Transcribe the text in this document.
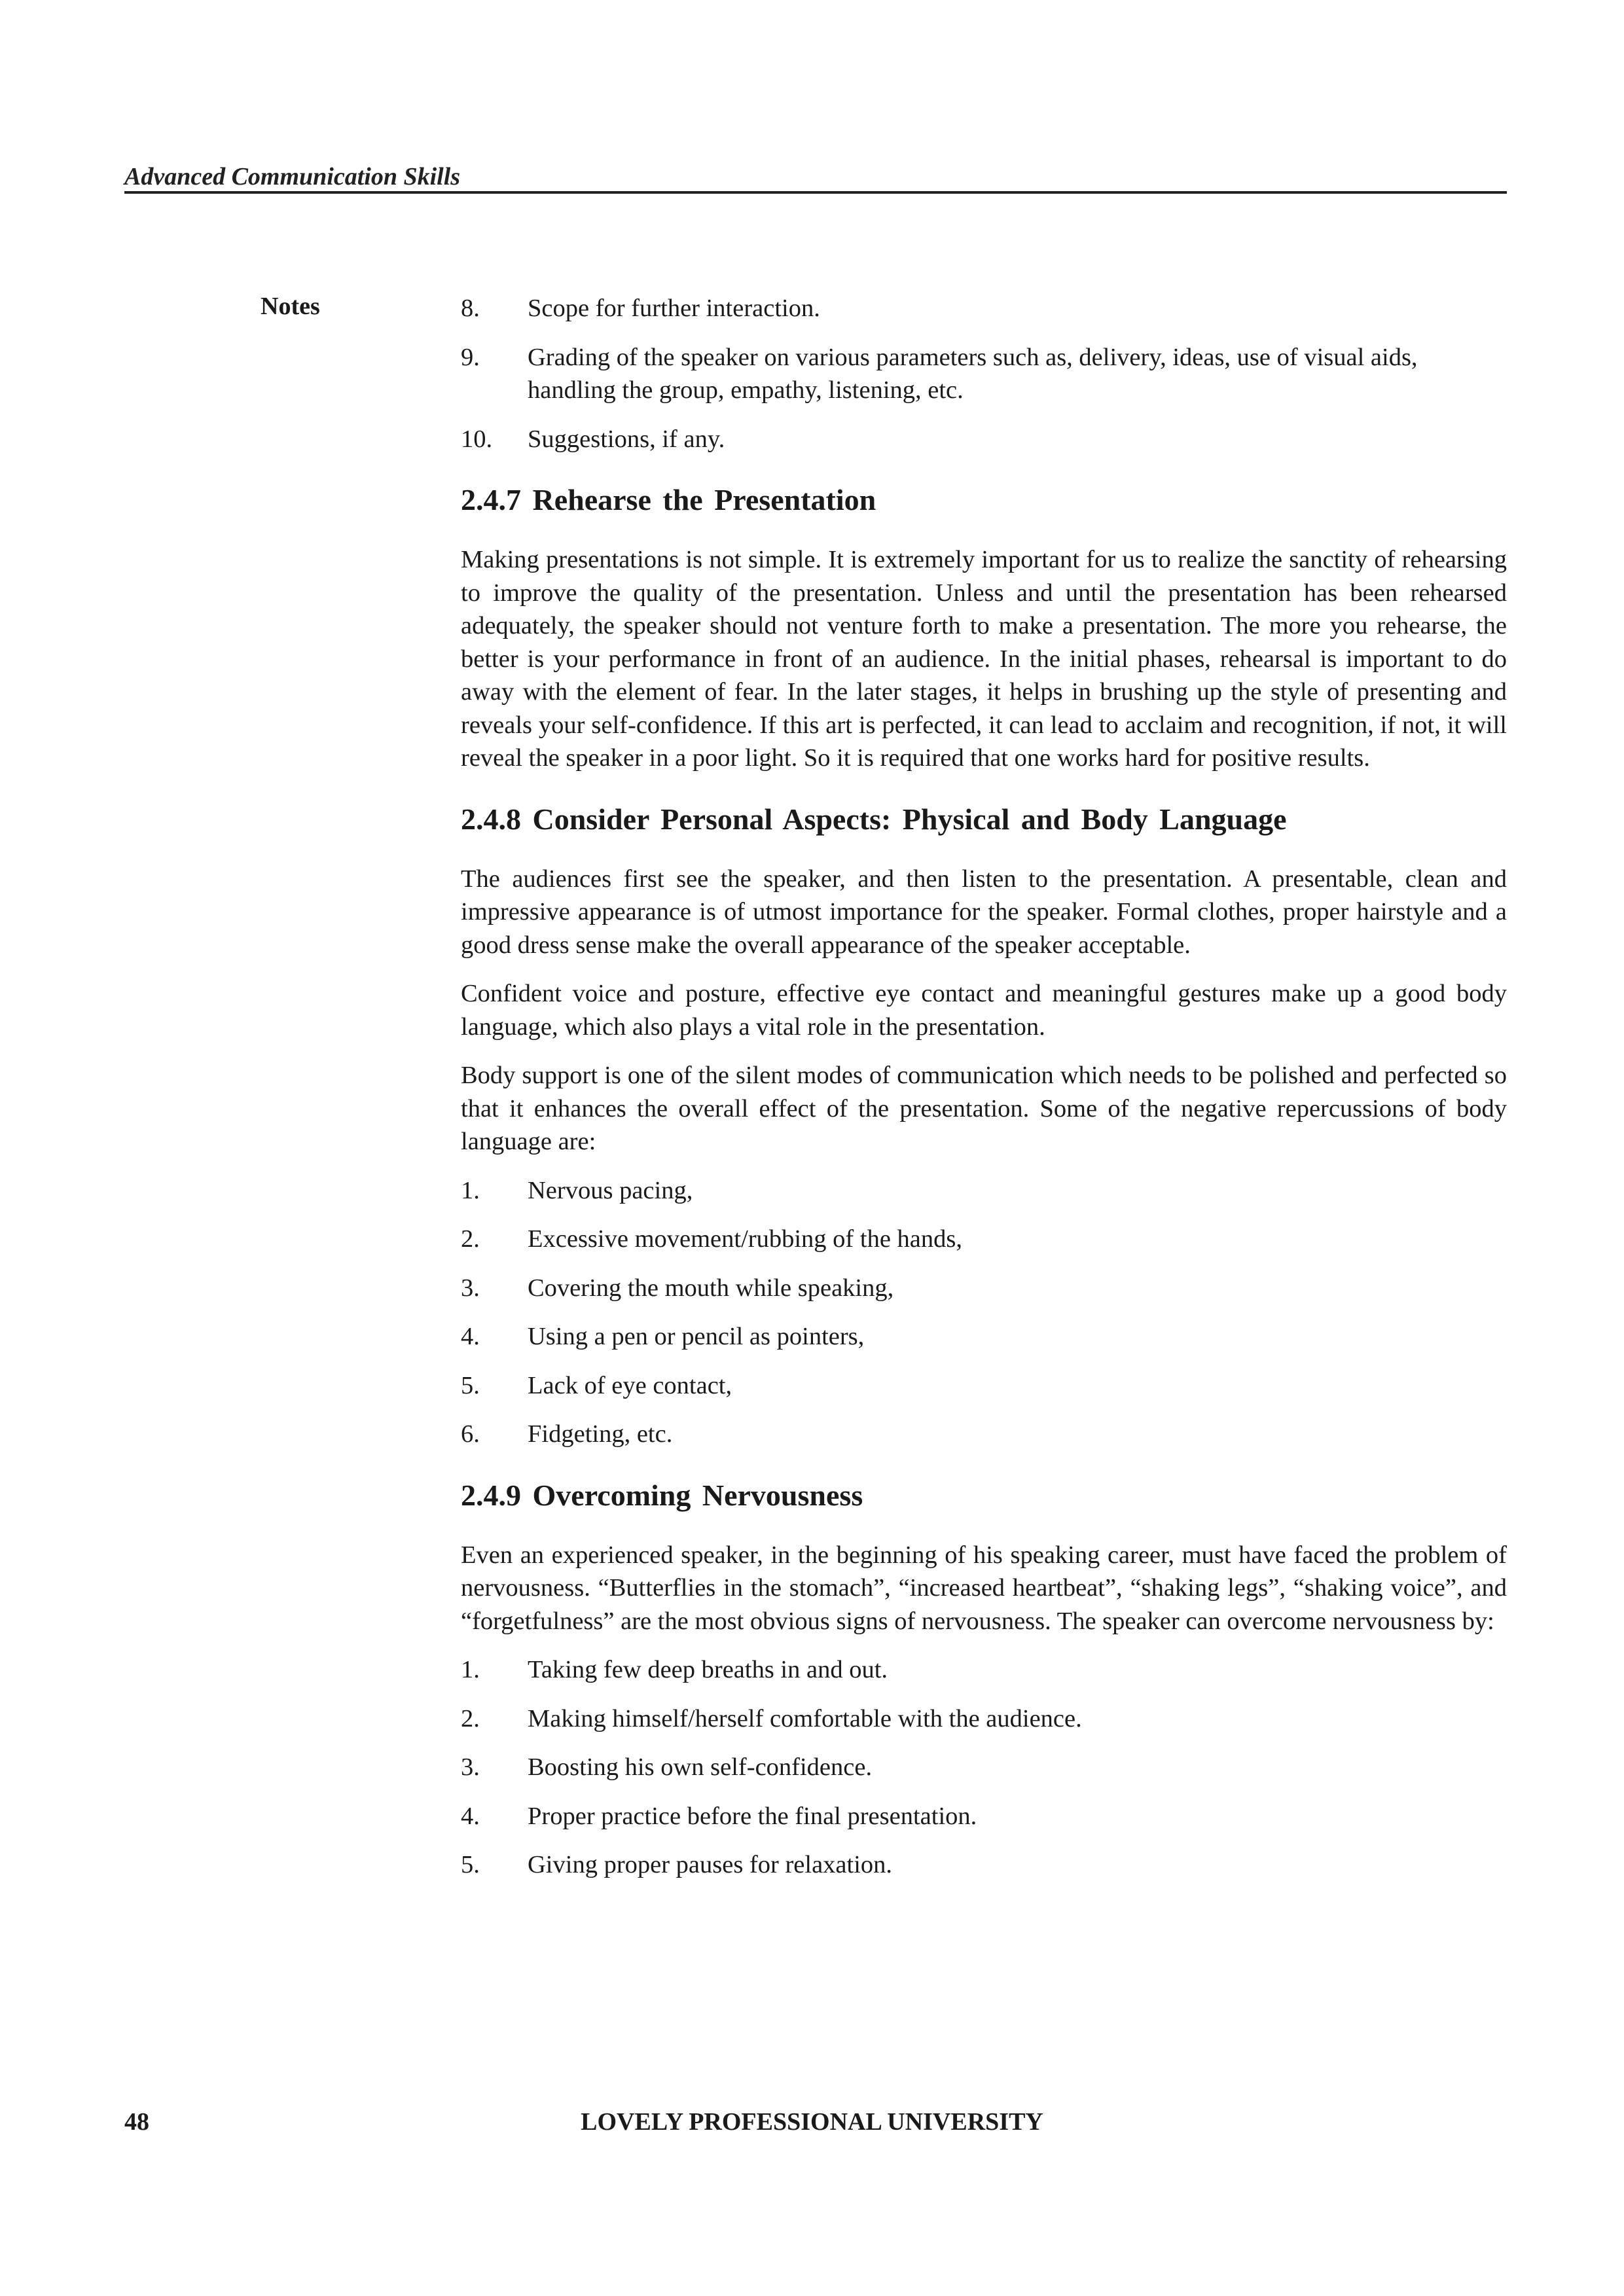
Advanced Communication Skills
Notes	8. Scope for further interaction.
9. Grading of the speaker on various parameters such as, delivery, ideas, use of visual aids, handling the group, empathy, listening, etc.
10. Suggestions, if any.
2.4.7 Rehearse the Presentation

Making presentations is not simple. It is extremely important for us to realize the sanctity of rehearsing to improve the quality of the presentation. Unless and until the presentation has been rehearsed adequately, the speaker should not venture forth to make a presentation. The more you rehearse, the better is your performance in front of an audience. In the initial phases, rehearsal is important to do away with the element of fear. In the later stages, it helps in brushing up the style of presenting and reveals your self-confidence. If this art is perfected, it can lead to acclaim and recognition, if not, it will reveal the speaker in a poor light. So it is required that one works hard for positive results.

2.4.8 Consider Personal Aspects: Physical and Body Language

The audiences first see the speaker, and then listen to the presentation. A presentable, clean and impressive appearance is of utmost importance for the speaker. Formal clothes, proper hairstyle and a good dress sense make the overall appearance of the speaker acceptable.

Confident voice and posture, effective eye contact and meaningful gestures make up a good body language, which also plays a vital role in the presentation.

Body support is one of the silent modes of communication which needs to be polished and perfected so that it enhances the overall effect of the presentation. Some of the negative repercussions of body language are:

1. Nervous pacing,
2. Excessive movement/rubbing of the hands,
3. Covering the mouth while speaking,
4. Using a pen or pencil as pointers,
5. Lack of eye contact,
6. Fidgeting, etc.
2.4.9 Overcoming Nervousness

Even an experienced speaker, in the beginning of his speaking career, must have faced the problem of nervousness. “Butterflies in the stomach”, “increased heartbeat”, “shaking legs”, “shaking voice”, and “forgetfulness” are the most obvious signs of nervousness. The speaker can overcome nervousness by:

1. Taking few deep breaths in and out.
2. Making himself/herself comfortable with the audience.
3. Boosting his own self-confidence.
4. Proper practice before the final presentation.
5. Giving proper pauses for relaxation.
48	LOVELY PROFESSIONAL UNIVERSITY
